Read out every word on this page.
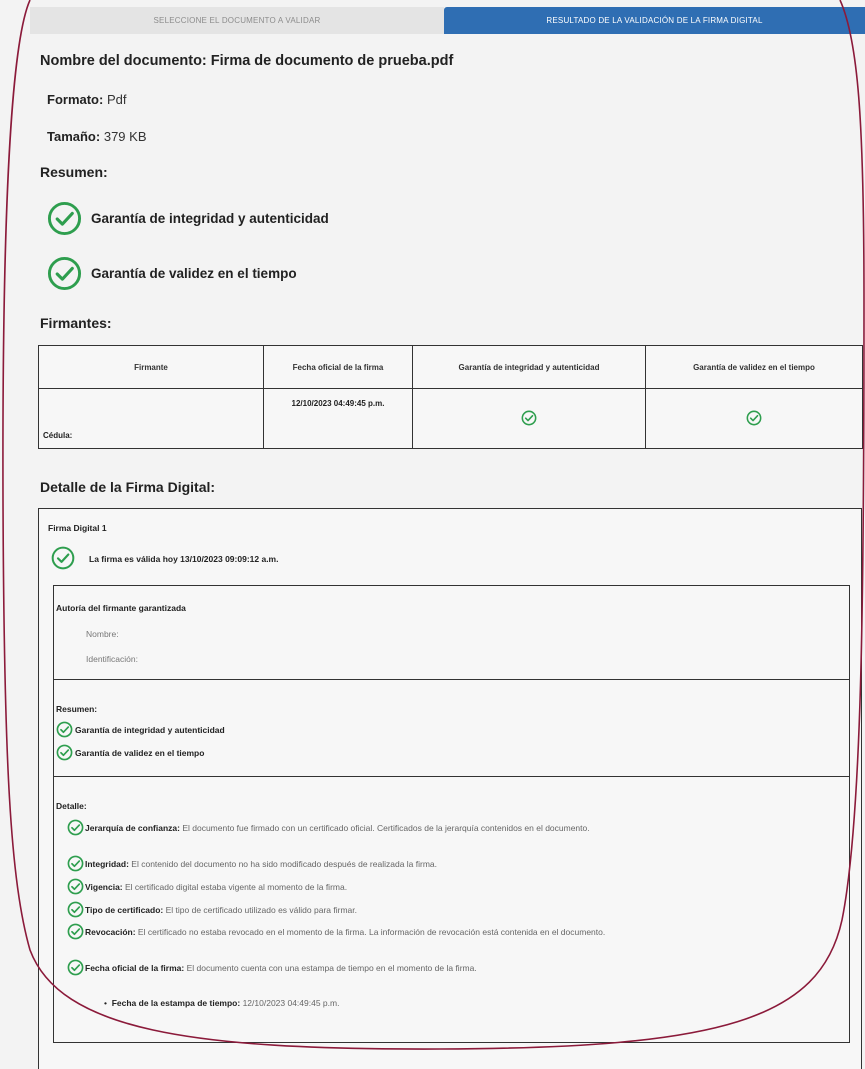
SELECCIONE EL DOCUMENTO A VALIDAR	RESULTADO DE LA VALIDACIÓN DE LA FIRMA DIGITAL
Nombre del documento: Firma de documento de prueba.pdf
Formato: Pdf
Tamaño: 379 KB
Resumen:
Garantía de integridad y autenticidad
Garantía de validez en el tiempo
Firmantes:
Firmante	Fecha oficial de la firma	Garantía de integridad y autenticidad	Garantía de validez en el tiempo
Cédula:	12/10/2023 04:49:45 p.m.		
Detalle de la Firma Digital:
Firma Digital 1
La firma es válida hoy 13/10/2023 09:09:12 a.m.
Autoría del firmante garantizada
Nombre:
Identificación:
Resumen:
Garantía de integridad y autenticidad
Garantía de validez en el tiempo
Detalle:
Jerarquía de confianza: El documento fue firmado con un certificado oficial. Certificados de la jerarquía contenidos en el documento.
Integridad: El contenido del documento no ha sido modificado después de realizada la firma.
Vigencia: El certificado digital estaba vigente al momento de la firma.
Tipo de certificado: El tipo de certificado utilizado es válido para firmar.
Revocación: El certificado no estaba revocado en el momento de la firma. La información de revocación está contenida en el documento.
Fecha oficial de la firma: El documento cuenta con una estampa de tiempo en el momento de la firma.
• Fecha de la estampa de tiempo: 12/10/2023 04:49:45 p.m.
